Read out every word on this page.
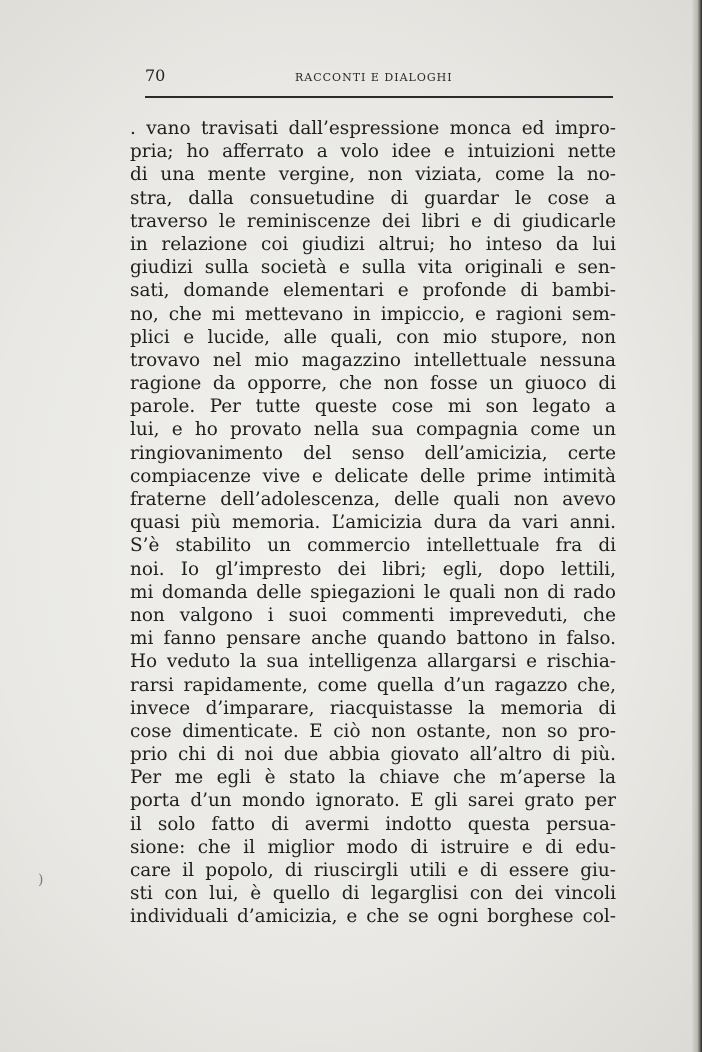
70	RACCONTI E DIALOGHI
. vano travisati dall’espressione monca ed impro-
pria; ho afferrato a volo idee e intuizioni nette
di una mente vergine, non viziata, come la no-
stra, dalla consuetudine di guardar le cose a
traverso le reminiscenze dei libri e di giudicarle
in relazione coi giudizi altrui; ho inteso da lui
giudizi sulla società e sulla vita originali e sen-
sati, domande elementari e profonde di bambi-
no, che mi mettevano in impiccio, e ragioni sem-
plici e lucide, alle quali, con mio stupore, non
trovavo nel mio magazzino intellettuale nessuna
ragione da opporre, che non fosse un giuoco di
parole. Per tutte queste cose mi son legato a
lui, e ho provato nella sua compagnia come un
ringiovanimento del senso dell’amicizia, certe
compiacenze vive e delicate delle prime intimità
fraterne dell’adolescenza, delle quali non avevo
quasi più memoria. L’amicizia dura da vari anni.
S’è stabilito un commercio intellettuale fra di
noi. Io gl’impresto dei libri; egli, dopo lettili,
mi domanda delle spiegazioni le quali non di rado
non valgono i suoi commenti impreveduti, che
mi fanno pensare anche quando battono in falso.
Ho veduto la sua intelligenza allargarsi e rischia-
rarsi rapidamente, come quella d’un ragazzo che,
invece d’imparare, riacquistasse la memoria di
cose dimenticate. E ciò non ostante, non so pro-
prio chi di noi due abbia giovato all’altro di più.
Per me egli è stato la chiave che m’aperse la
porta d’un mondo ignorato. E gli sarei grato per
il solo fatto di avermi indotto questa persua-
sione: che il miglior modo di istruire e di edu-
care il popolo, di riuscirgli utili e di essere giu-
sti con lui, è quello di legarglisi con dei vincoli
individuali d’amicizia, e che se ogni borghese col-
)
